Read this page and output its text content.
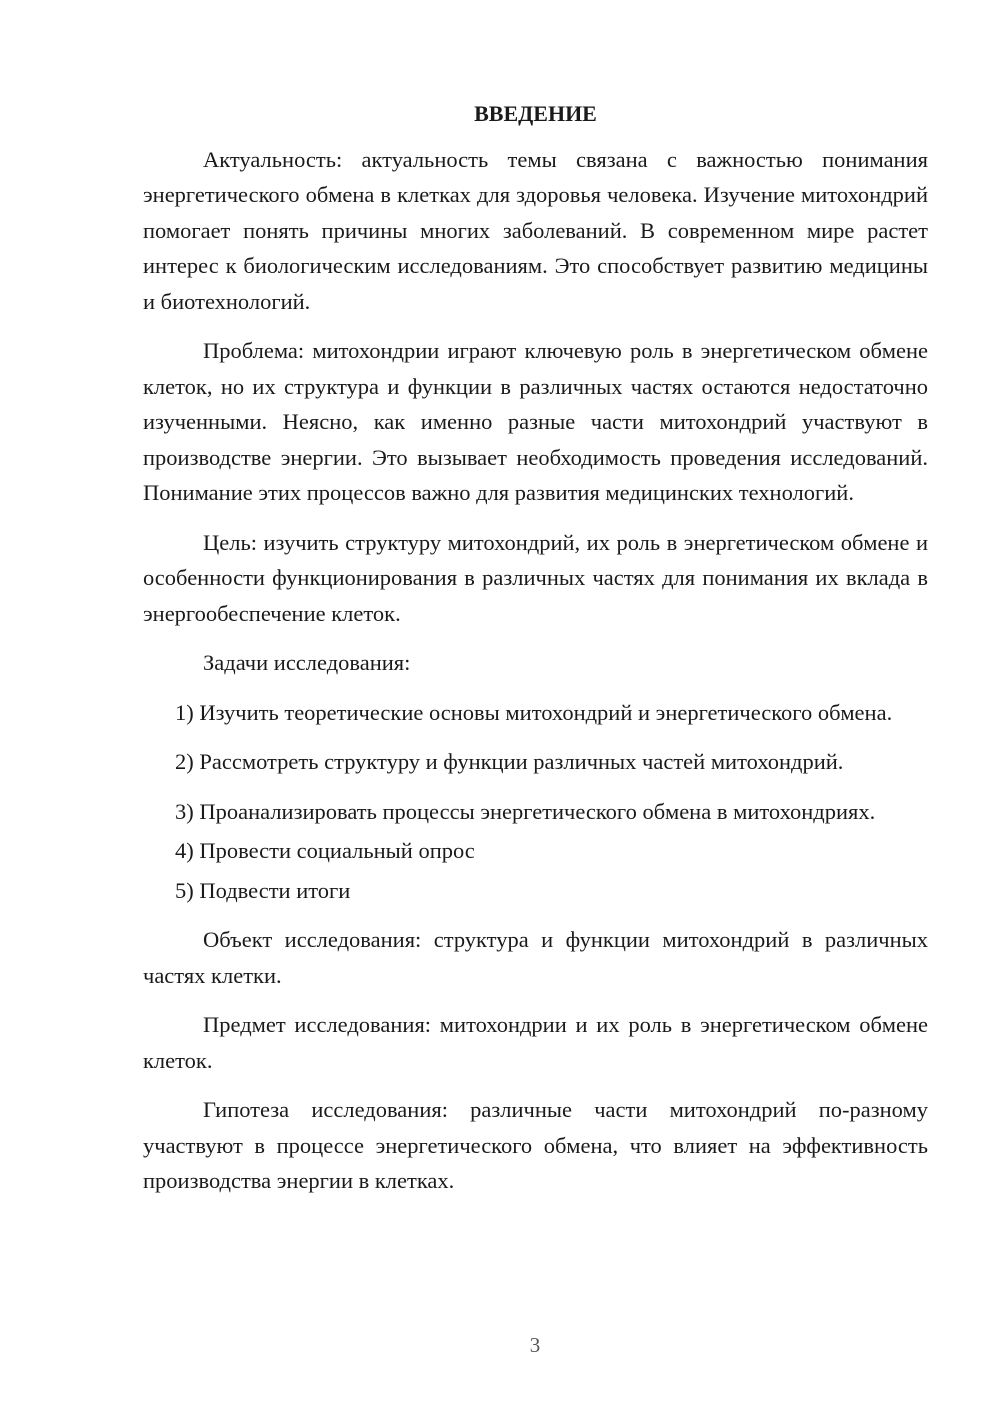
ВВЕДЕНИЕ

Актуальность: актуальность темы связана с важностью понимания энергетического обмена в клетках для здоровья человека. Изучение митохондрий помогает понять причины многих заболеваний. В современном мире растет интерес к биологическим исследованиям. Это способствует развитию медицины и биотехнологий.

Проблема: митохондрии играют ключевую роль в энергетическом обмене клеток, но их структура и функции в различных частях остаются недостаточно изученными. Неясно, как именно разные части митохондрий участвуют в производстве энергии. Это вызывает необходимость проведения исследований. Понимание этих процессов важно для развития медицинских технологий.

Цель: изучить структуру митохондрий, их роль в энергетическом обмене и особенности функционирования в различных частях для понимания их вклада в энергообеспечение клеток.

Задачи исследования:

1) Изучить теоретические основы митохондрий и энергетического обмена.

2) Рассмотреть структуру и функции различных частей митохондрий.

3) Проанализировать процессы энергетического обмена в митохондриях.

4) Провести социальный опрос

5) Подвести итоги

Объект исследования: структура и функции митохондрий в различных частях клетки.

Предмет исследования: митохондрии и их роль в энергетическом обмене клеток.

Гипотеза исследования: различные части митохондрий по-разному участвуют в процессе энергетического обмена, что влияет на эффективность производства энергии в клетках.

3
